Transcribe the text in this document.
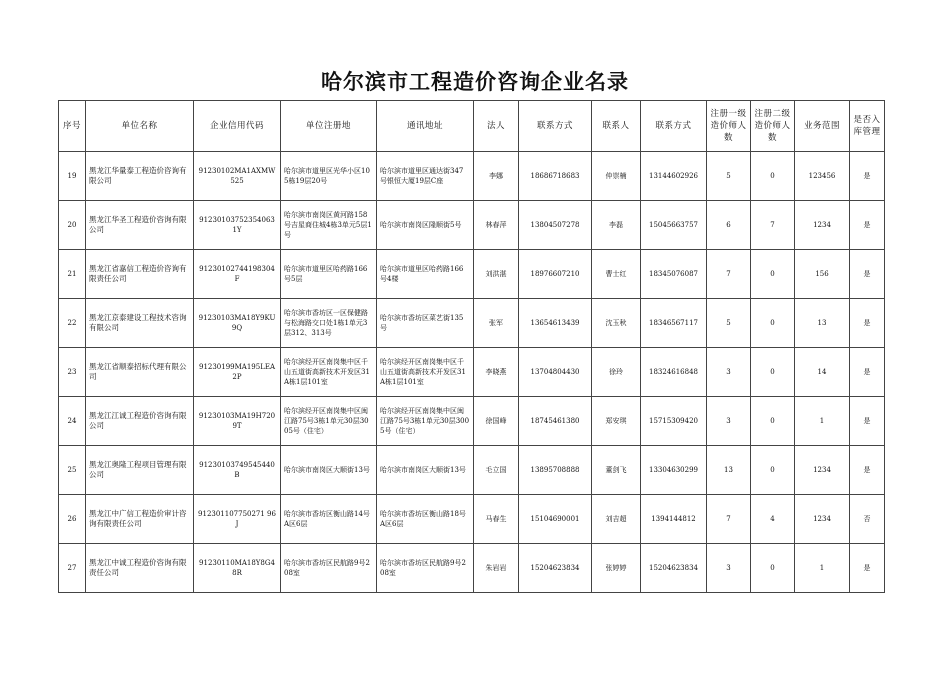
哈尔滨市工程造价咨询企业名录
序号	单位名称	企业信用代码	单位注册地	通讯地址	法人	联系方式	联系人	联系方式	注册一级造价师人数	注册二级造价师人数	业务范围	是否入库管理
19	黑龙江华量泰工程造价咨询有限公司	91230102MA1AXMW525	哈尔滨市道里区光华小区105栋19层20号	哈尔滨市道里区通达街347号银恒大厦19层C座	李娜	18686718683	仲崇楠	13144602926	5	0	123456	是
20	黑龙江华圣工程造价咨询有限公司	912301037523540631Y	哈尔滨市南岗区黄河路158号吉星商住城4栋3单元5层1号	哈尔滨市南岗区隆顺街5号	林春萍	13804507278	李磊	15045663757	6	7	1234	是
21	黑龙江省嘉信工程造价咨询有限责任公司	91230102744198304F	哈尔滨市道里区哈药路166号5层	哈尔滨市道里区哈药路166号4楼	刘洪湛	18976607210	曹士红	18345076087	7	0	156	是
22	黑龙江京泰建设工程技术咨询有限公司	91230103MA18Y9KU9Q	哈尔滨市香坊区一区保健路与松海路交口处1栋1单元3层312、313号	哈尔滨市香坊区菜艺街135号	张军	13654613439	沈玉秋	18346567117	5	0	13	是
23	黑龙江省顺泰招标代理有限公司	91230199MA195LEA2P	哈尔滨经开区南岗集中区千山五道街高新技术开发区31A栋1层101室	哈尔滨经开区南岗集中区千山五道街高新技术开发区31A栋1层101室	李晓燕	13704804430	徐玲	18324616848	3	0	14	是
24	黑龙江江诚工程造价咨询有限公司	91230103MA19H7209T	哈尔滨经开区南岗集中区闽江路75号3栋1单元30层3005号（住宅）	哈尔滨经开区南岗集中区闽江路75号3栋1单元30层3005号（住宅）	徐国峰	18745461380	郑安琪	15715309420	3	0	1	是
25	黑龙江奥隆工程项目管理有限公司	91230103749545440B	哈尔滨市南岗区大顺街13号	哈尔滨市南岗区大顺街13号	毛立国	13895708888	董剑飞	13304630299	13	0	1234	是
26	黑龙江中广信工程造价审计咨询有限责任公司	912301107750271 96J	哈尔滨市香坊区衡山路14号A区6层	哈尔滨市香坊区衡山路18号A区6层	马春生	15104690001	刘吉超	1394144812	7	4	1234	否
27	黑龙江中诚工程造价咨询有限责任公司	91230110MA18Y8G48R	哈尔滨市香坊区民航路9号208室	哈尔滨市香坊区民航路9号208室	朱岩岩	15204623834	张婷婷	15204623834	3	0	1	是
